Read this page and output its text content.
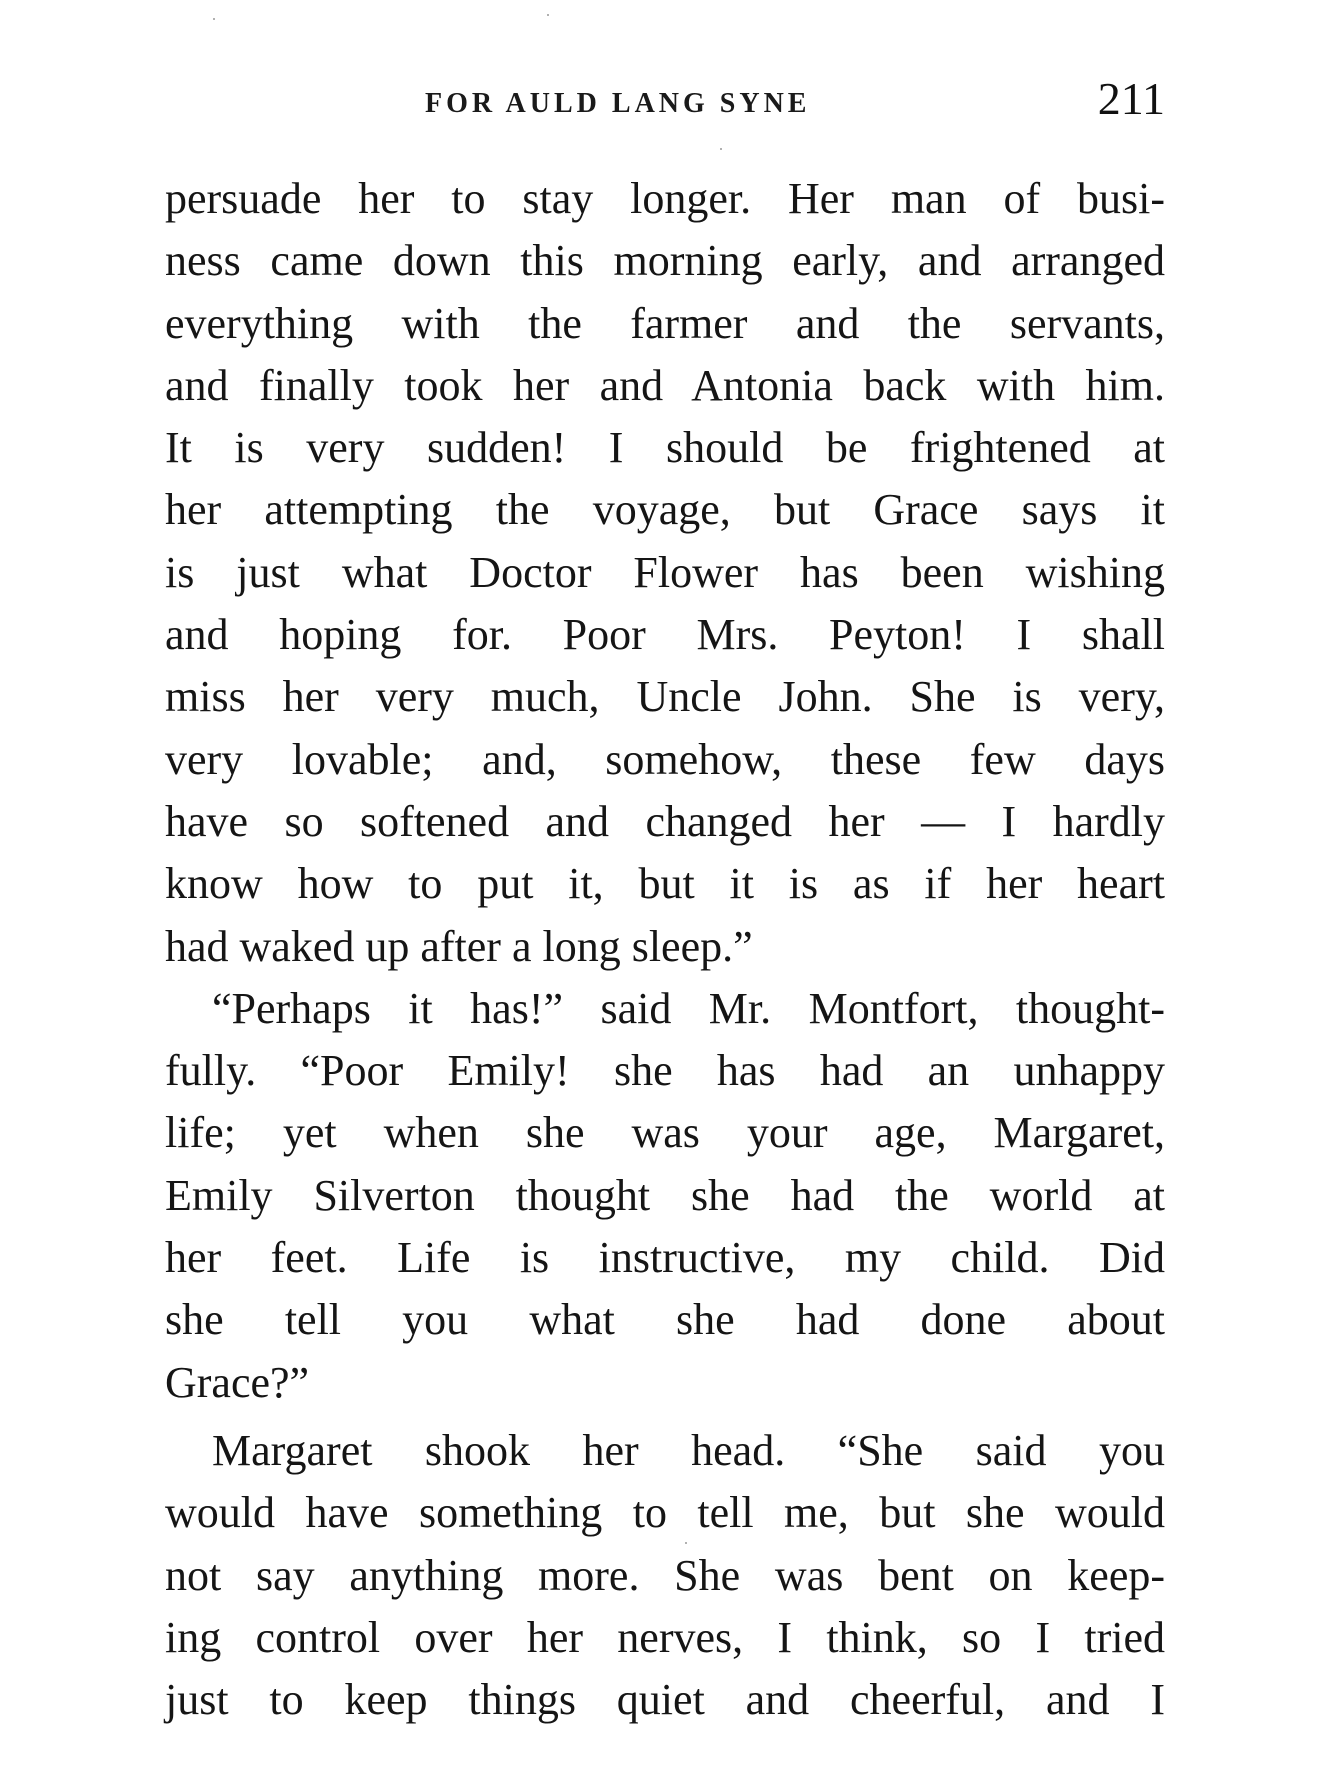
FOR AULD LANG SYNE	211
persuade her to stay longer. Her man of busi-
ness came down this morning early, and arranged
everything with the farmer and the servants,
and finally took her and Antonia back with him.
It is very sudden! I should be frightened at
her attempting the voyage, but Grace says it
is just what Doctor Flower has been wishing
and hoping for. Poor Mrs. Peyton! I shall
miss her very much, Uncle John. She is very,
very lovable; and, somehow, these few days
have so softened and changed her — I hardly
know how to put it, but it is as if her heart
had waked up after a long sleep.”
“Perhaps it has!” said Mr. Montfort, thought-
fully. “Poor Emily! she has had an unhappy
life; yet when she was your age, Margaret,
Emily Silverton thought she had the world at
her feet. Life is instructive, my child. Did
she tell you what she had done about
Grace?”
Margaret shook her head. “She said you
would have something to tell me, but she would
not say anything more. She was bent on keep-
ing control over her nerves, I think, so I tried
just to keep things quiet and cheerful, and I
